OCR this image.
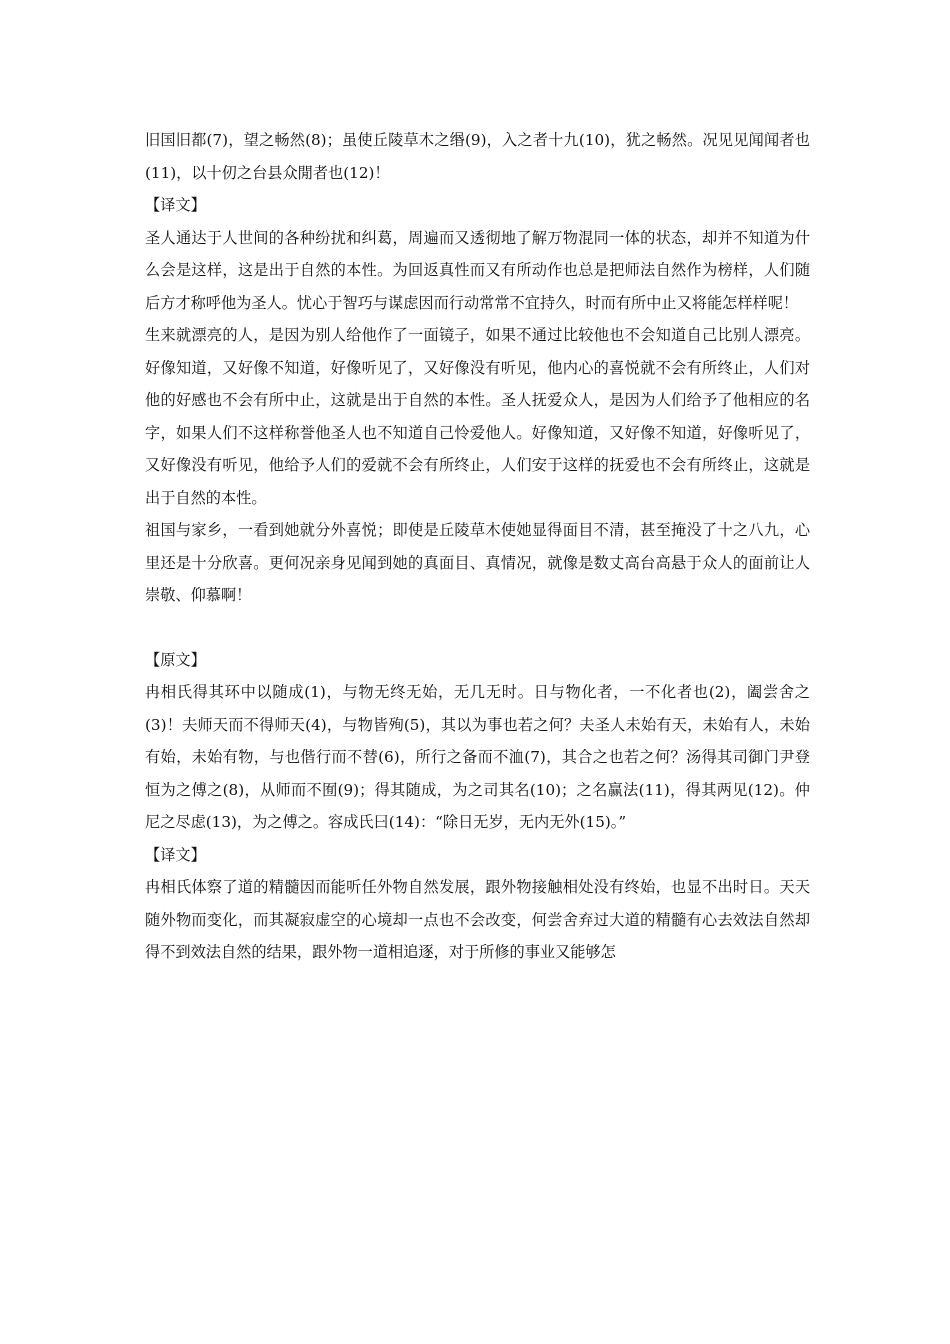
旧国旧都(7)，望之畅然(8)；虽使丘陵草木之缗(9)，入之者十九(10)，犹之畅然。况见见闻闻者也(11)，以十仞之台县众閒者也(12)！

【译文】

圣人通达于人世间的各种纷扰和纠葛，周遍而又透彻地了解万物混同一体的状态，却并不知道为什么会是这样，这是出于自然的本性。为回返真性而又有所动作也总是把师法自然作为榜样，人们随后方才称呼他为圣人。忧心于智巧与谋虑因而行动常常不宜持久，时而有所中止又将能怎样样呢！

生来就漂亮的人，是因为别人给他作了一面镜子，如果不通过比较他也不会知道自己比别人漂亮。好像知道，又好像不知道，好像听见了，又好像没有听见，他内心的喜悦就不会有所终止，人们对他的好感也不会有所中止，这就是出于自然的本性。圣人抚爱众人，是因为人们给予了他相应的名字，如果人们不这样称誉他圣人也不知道自己怜爱他人。好像知道，又好像不知道，好像听见了，又好像没有听见，他给予人们的爱就不会有所终止，人们安于这样的抚爱也不会有所终止，这就是出于自然的本性。

祖国与家乡，一看到她就分外喜悦；即使是丘陵草木使她显得面目不清，甚至掩没了十之八九，心里还是十分欣喜。更何况亲身见闻到她的真面目、真情况，就像是数丈高台高悬于众人的面前让人崇敬、仰慕啊！

【原文】

冉相氏得其环中以随成(1)，与物无终无始，无几无时。日与物化者，一不化者也(2)，阖尝舍之(3)！夫师天而不得师天(4)，与物皆殉(5)，其以为事也若之何？夫圣人未始有天，未始有人，未始有始，未始有物，与也偕行而不替(6)，所行之备而不洫(7)，其合之也若之何？汤得其司御门尹登恒为之傅之(8)，从师而不囿(9)；得其随成，为之司其名(10)；之名赢法(11)，得其两见(12)。仲尼之尽虑(13)，为之傅之。容成氏曰(14)：“除日无岁，无内无外(15)。”

【译文】

冉相氏体察了道的精髓因而能听任外物自然发展，跟外物接触相处没有终始，也显不出时日。天天随外物而变化，而其凝寂虚空的心境却一点也不会改变，何尝舍弃过大道的精髓有心去效法自然却得不到效法自然的结果，跟外物一道相追逐，对于所修的事业又能够怎
